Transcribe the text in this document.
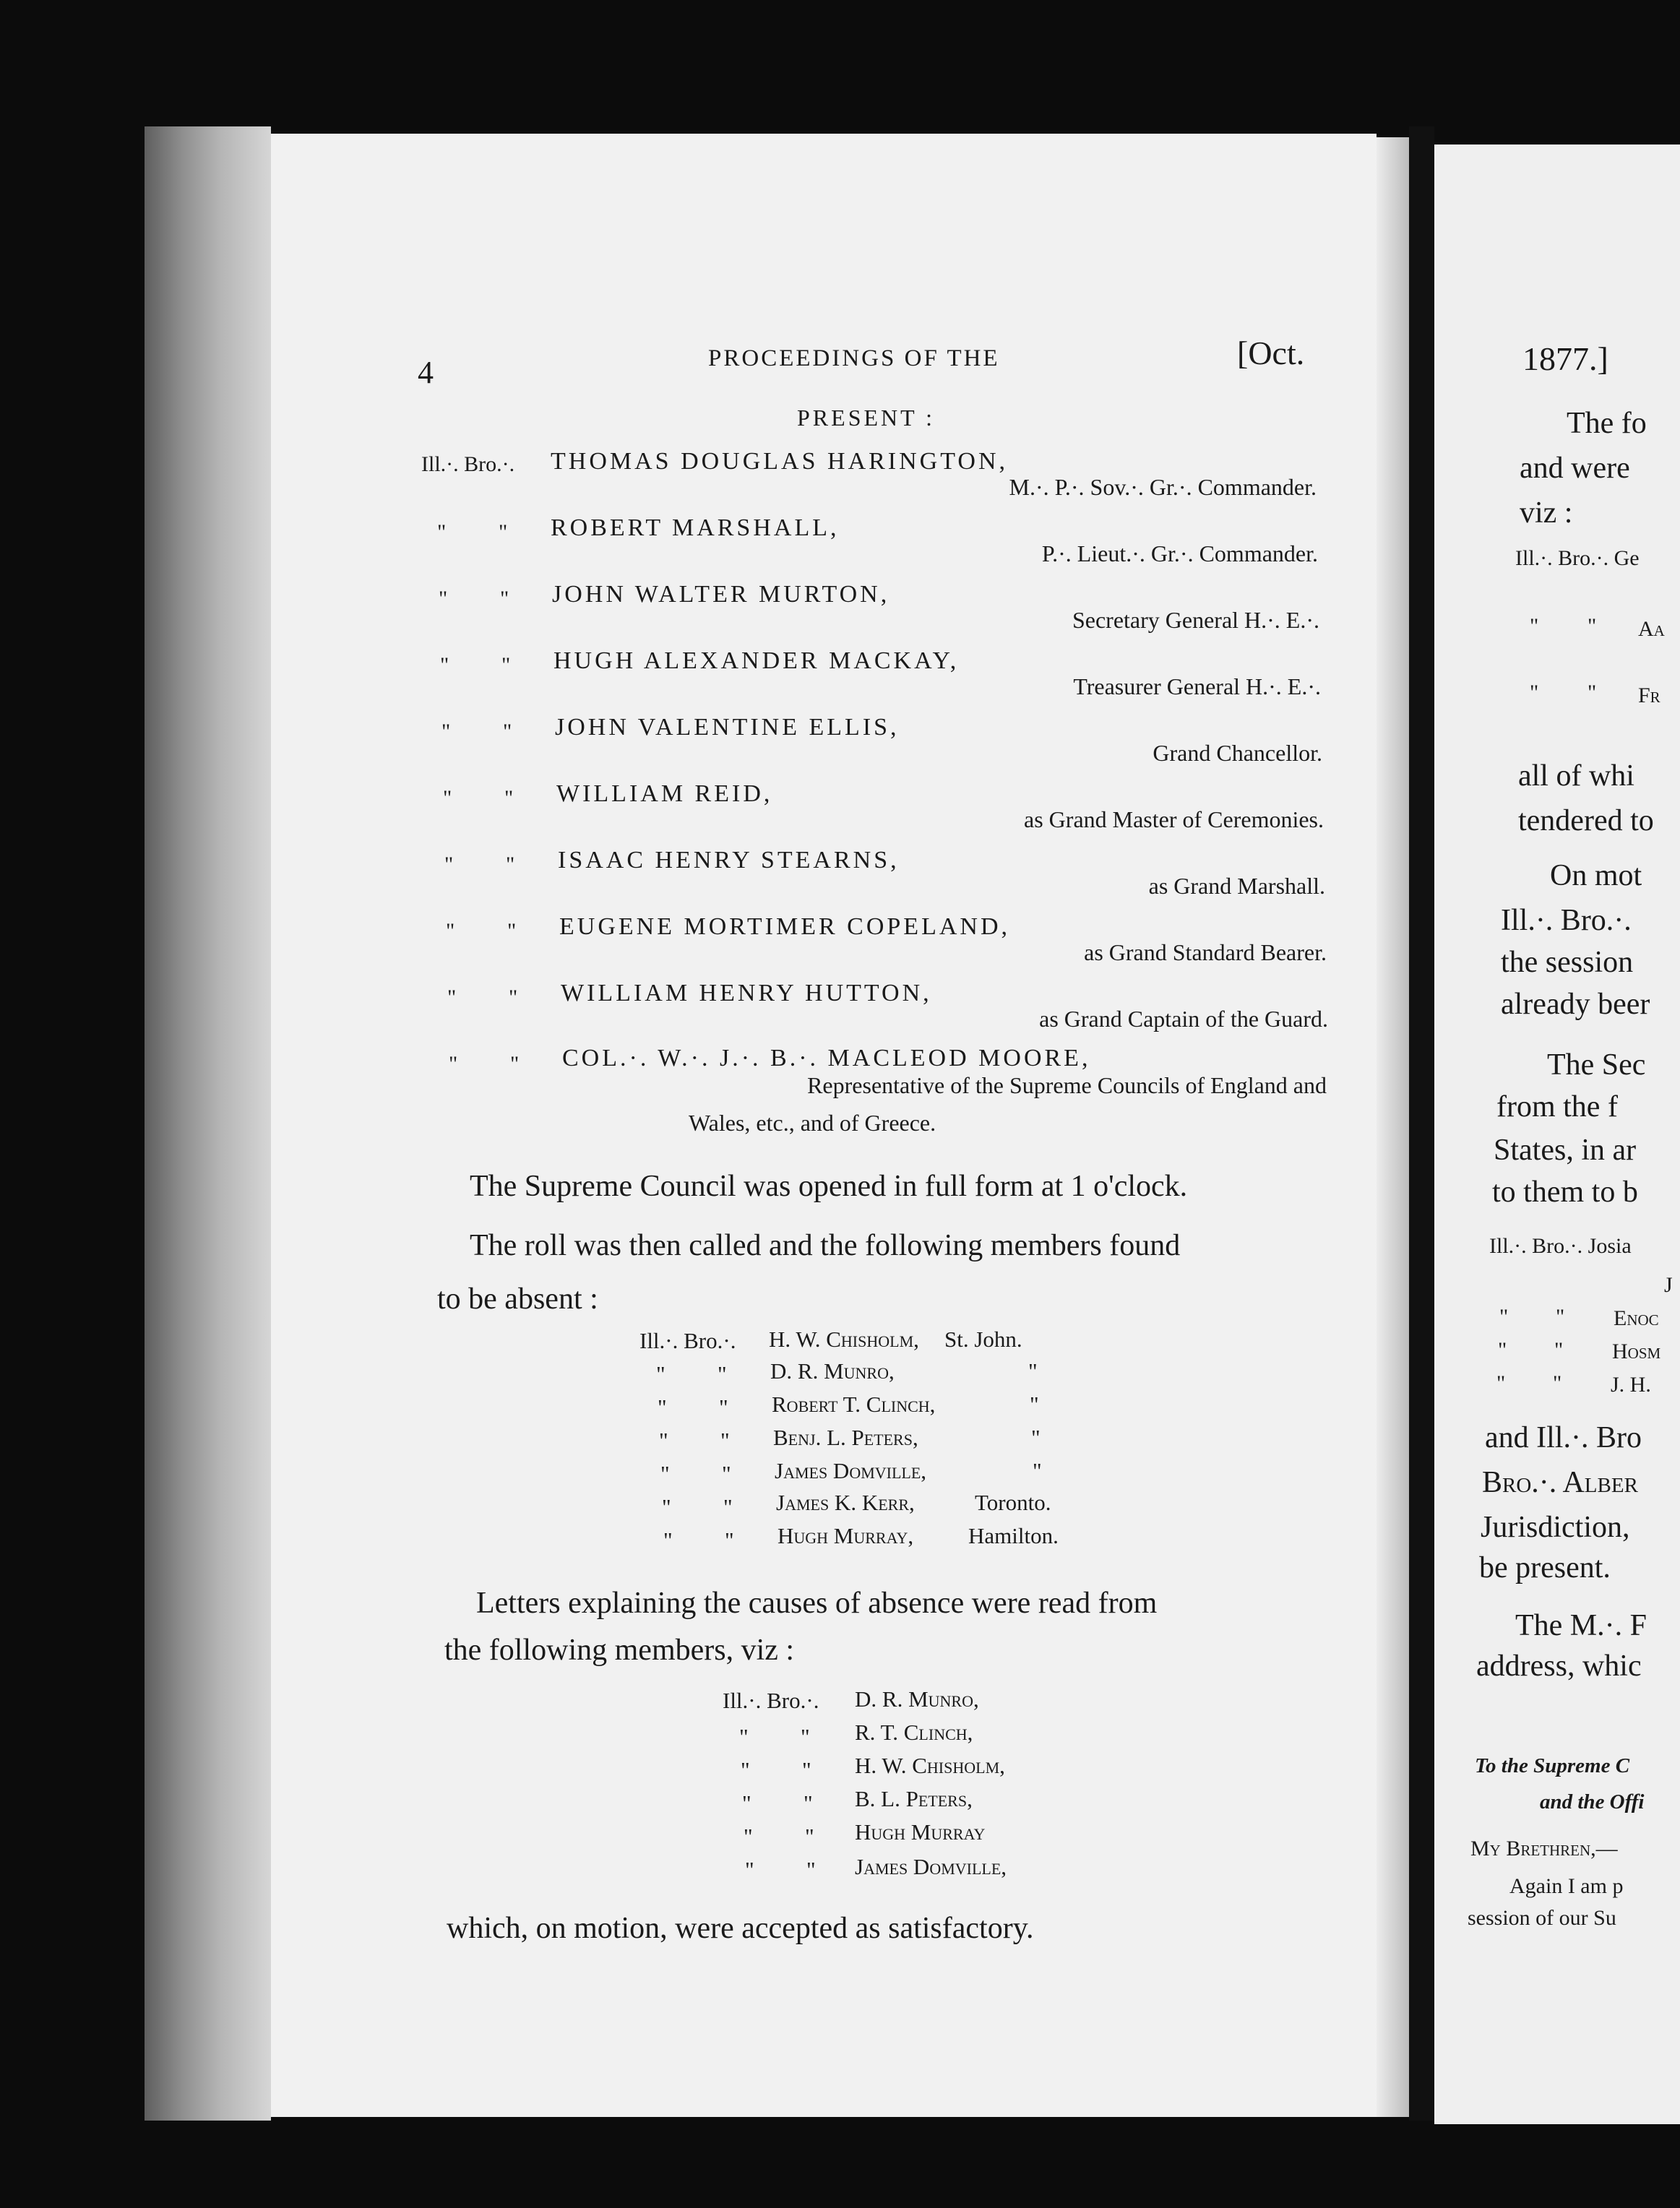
4	PROCEEDINGS OF THE	[Oct.
PRESENT :
Ill.·. Bro.·. THOMAS DOUGLAS HARINGTON,
M.·. P.·. Sov.·. Gr.·. Commander.
" " ROBERT MARSHALL,
P.·. Lieut.·. Gr.·. Commander.
" " JOHN WALTER MURTON,
Secretary General H.·. E.·.
" " HUGH ALEXANDER MACKAY,
Treasurer General H.·. E.·.
" " JOHN VALENTINE ELLIS,
Grand Chancellor.
" " WILLIAM REID,
as Grand Master of Ceremonies.
" " ISAAC HENRY STEARNS,
as Grand Marshall.
" " EUGENE MORTIMER COPELAND,
as Grand Standard Bearer.
" " WILLIAM HENRY HUTTON,
as Grand Captain of the Guard.
" " COL.·. W.·. J.·. B.·. MACLEOD MOORE,
Representative of the Supreme Councils of England and
Wales, etc., and of Greece.
The Supreme Council was opened in full form at 1 o'clock.
The roll was then called and the following members found
to be absent :
Ill.·. Bro.·. H. W. Chisholm, St. John.
" " D. R. Munro,	"
" " Robert T. Clinch,	"
" " Benj. L. Peters,	"
" " James Domville,	"
" " James K. Kerr,	Toronto.
" " Hugh Murray, Hamilton.
Letters explaining the causes of absence were read from
the following members, viz :
Ill.·. Bro.·. D. R. Munro,
" " R. T. Clinch,
" " H. W. Chisholm,
" " B. L. Peters,
" " Hugh Murray
" " James Domville,
which, on motion, were accepted as satisfactory.
1877.]
The fo
and were
viz :
Ill.·. Bro.·. Ge
" " Aa
" " Fr
all of whi
tendered to
On mot
Ill.·. Bro.·.
the session
already beer
The Sec
from the f
States, in ar
to them to b
Ill.·. Bro.·. Josia
J
" " Enoc
" " Hosm
" " J. H.
and Ill.·. Bro
Bro.·. Alber
Jurisdiction,
be present.
The M.·. F
address, whic
To the Supreme C
and the Offi
My Brethren,—
Again I am p
session of our Su
